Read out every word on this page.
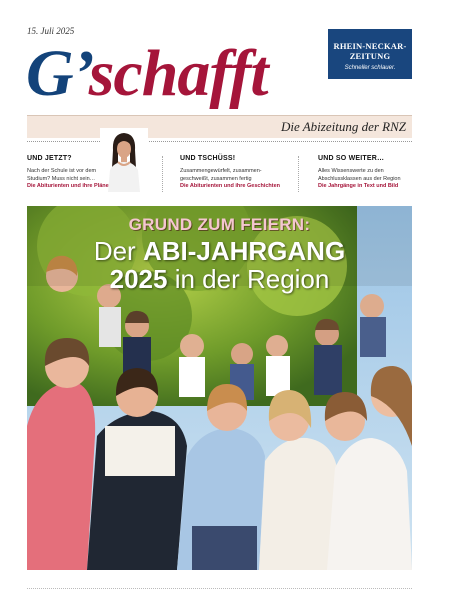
15. Juli 2025
G’schafft	RHEIN-NECKAR-ZEITUNG
Schneller schlauer.
Die Abizeitung der RNZ
UND JETZT?
Nach der Schule ist vor dem
Studium? Muss nicht sein…
Die Abiturienten und ihre Pläne
UND TSCHÜSS!
Zusammengewürfelt, zusammen-
geschweißt, zusammen fertig
Die Abiturienten und ihre Geschichten
UND SO WEITER…
Alles Wissenswerte zu den
Abschlussklassen aus der Region
Die Jahrgänge in Text und Bild
GRUND ZUM FEIERN:
Der ABI-JAHRGANG
2025 in der Region
